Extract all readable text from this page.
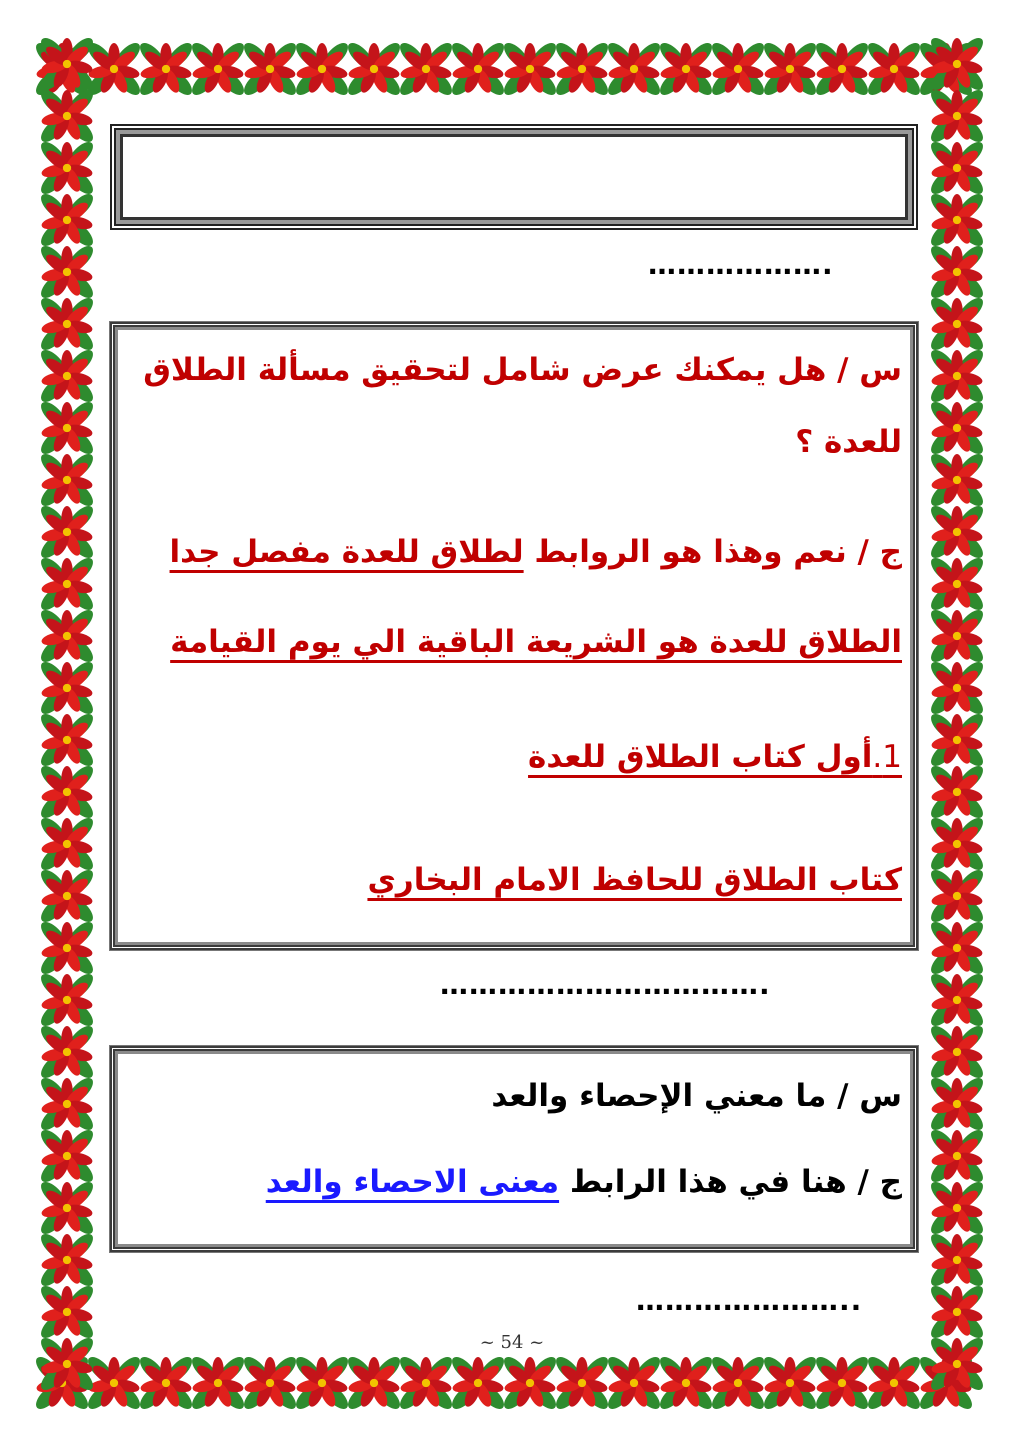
……………….
س / هل يمكنك عرض شامل لتحقيق مسألة الطلاق
للعدة ؟
ج / نعم وهذا هو الروابط لطلاق للعدة مفصل جدا
الطلاق للعدة هو الشريعة الباقية الي يوم القيامة
1.أول كتاب الطلاق للعدة
كتاب الطلاق للحافظ الامام البخاري
…………………………….
س / ما معني الإحصاء والعد
ج / هنا في هذا الرابط معنى الاحصاء والعد
…………………..
~ 54 ~
